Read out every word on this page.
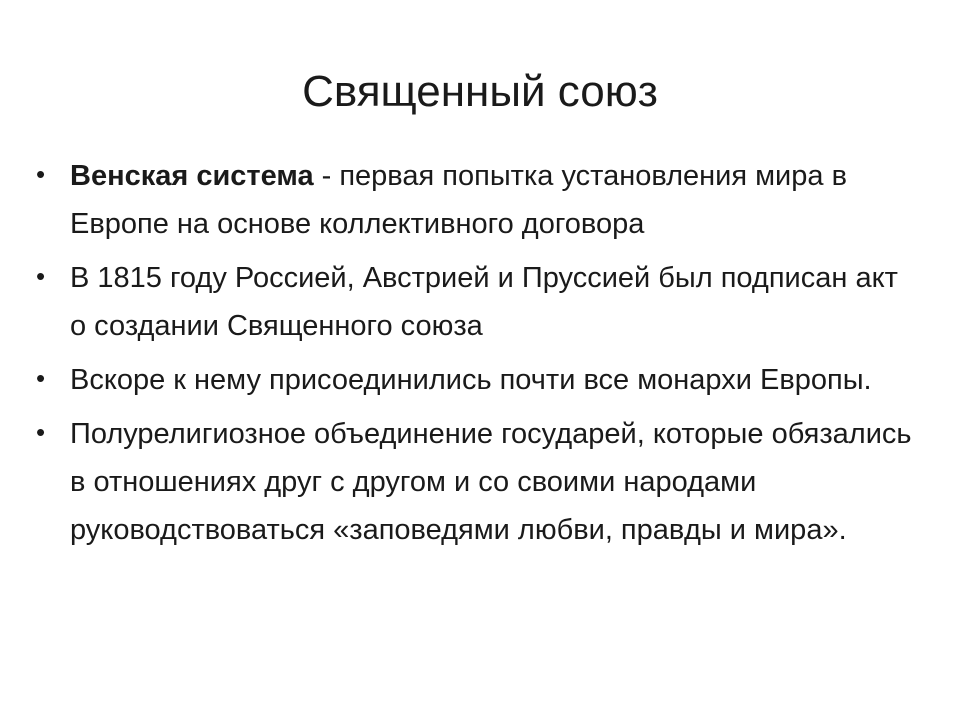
Священный союз
• Венская система - первая попытка установления мира в Европе на основе коллективного договора
• В 1815 году Россией, Австрией и Пруссией был подписан акт о создании Священного союза
• Вскоре к нему присоединились почти все монархи Европы.
• Полурелигиозное объединение государей, которые обязались в отношениях друг с другом и со своими народами руководствоваться «заповедями любви, правды и мира».
